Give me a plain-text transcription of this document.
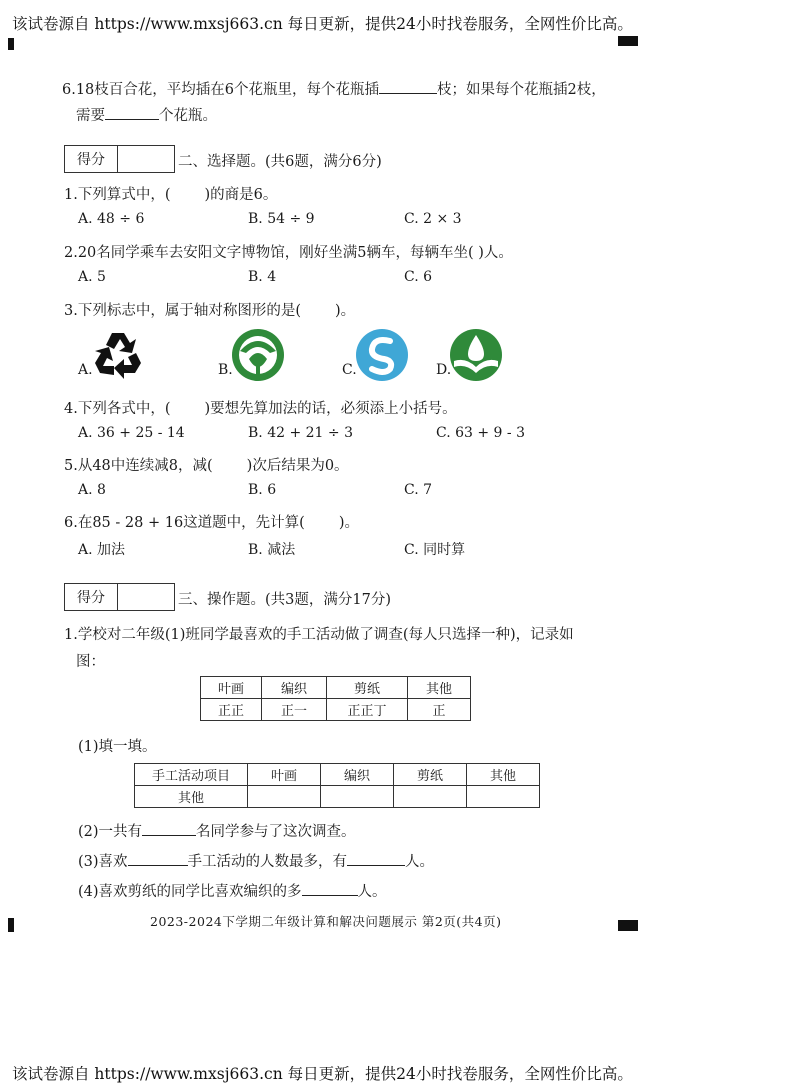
该试卷源自 https://www.mxsj663.cn 每日更新，提供24小时找卷服务，全网性价比高。
6.18枝百合花，平均插在6个花瓶里，每个花瓶插	枝；如果每个花瓶插2枝，
需要	个花瓶。
得分	二、选择题。(共6题，满分6分)
1.下列算式中，( )的商是6。
A. 48 ÷ 6	B. 54 ÷ 9	C. 2 × 3
2.20名同学乘车去安阳文字博物馆，刚好坐满5辆车，每辆车坐( )人。
A. 5	B. 4	C. 6
3.下列标志中，属于轴对称图形的是( )。
A.	B.	C.	D.
4.下列各式中，( )要想先算加法的话，必须添上小括号。
A. 36 + 25 - 14	B. 42 + 21 ÷ 3	C. 63 + 9 - 3
5.从48中连续减8，减( )次后结果为0。
A. 8	B. 6	C. 7
6.在85 - 28 + 16这道题中，先计算( )。
A. 加法	B. 减法	C. 同时算
得分	三、操作题。(共3题，满分17分)
1.学校对二年级(1)班同学最喜欢的手工活动做了调查(每人只选择一种)，记录如
图：
叶画	编织	剪纸	其他
正正	正一	正正丁	正
(1)填一填。
手工活动项目	叶画	编织	剪纸	其他
其他				
(2)一共有	名同学参与了这次调查。
(3)喜欢	手工活动的人数最多，有	人。
(4)喜欢剪纸的同学比喜欢编织的多	人。
2023-2024下学期二年级计算和解决问题展示 第2页(共4页)
该试卷源自 https://www.mxsj663.cn 每日更新，提供24小时找卷服务，全网性价比高。
